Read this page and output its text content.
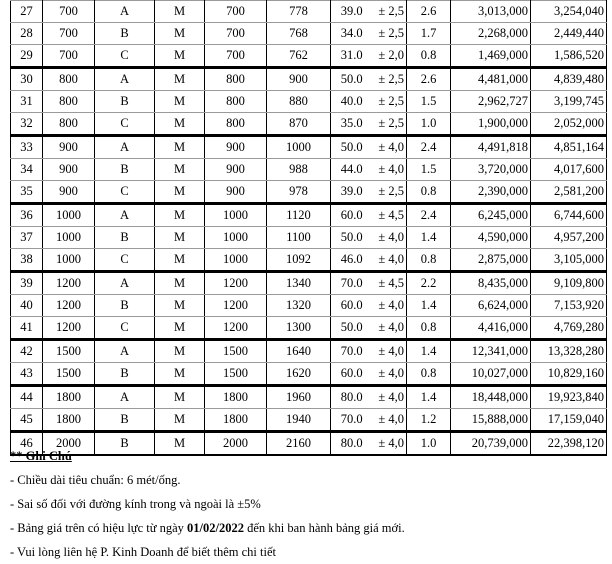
27	700	A	M	700	778	39.0 ± 2,5	2.6	3,013,000	3,254,040
28	700	B	M	700	768	34.0 ± 2,5	1.7	2,268,000	2,449,440
29	700	C	M	700	762	31.0 ± 2,0	0.8	1,469,000	1,586,520
30	800	A	M	800	900	50.0 ± 2,5	2.6	4,481,000	4,839,480
31	800	B	M	800	880	40.0 ± 2,5	1.5	2,962,727	3,199,745
32	800	C	M	800	870	35.0 ± 2,5	1.0	1,900,000	2,052,000
33	900	A	M	900	1000	50.0 ± 4,0	2.4	4,491,818	4,851,164
34	900	B	M	900	988	44.0 ± 4,0	1.5	3,720,000	4,017,600
35	900	C	M	900	978	39.0 ± 2,5	0.8	2,390,000	2,581,200
36	1000	A	M	1000	1120	60.0 ± 4,5	2.4	6,245,000	6,744,600
37	1000	B	M	1000	1100	50.0 ± 4,0	1.4	4,590,000	4,957,200
38	1000	C	M	1000	1092	46.0 ± 4,0	0.8	2,875,000	3,105,000
39	1200	A	M	1200	1340	70.0 ± 4,5	2.2	8,435,000	9,109,800
40	1200	B	M	1200	1320	60.0 ± 4,0	1.4	6,624,000	7,153,920
41	1200	C	M	1200	1300	50.0 ± 4,0	0.8	4,416,000	4,769,280
42	1500	A	M	1500	1640	70.0 ± 4,0	1.4	12,341,000	13,328,280
43	1500	B	M	1500	1620	60.0 ± 4,0	0.8	10,027,000	10,829,160
44	1800	A	M	1800	1960	80.0 ± 4,0	1.4	18,448,000	19,923,840
45	1800	B	M	1800	1940	70.0 ± 4,0	1.2	15,888,000	17,159,040
46	2000	B	M	2000	2160	80.0 ± 4,0	1.0	20,739,000	22,398,120
** Ghi Chú
- Chiều dài tiêu chuẩn: 6 mét/ống.
- Sai số đối với đường kính trong và ngoài là ±5%
- Bảng giá trên có hiệu lực từ ngày 01/02/2022 đến khi ban hành bảng giá mới.
- Vui lòng liên hệ P. Kinh Doanh để biết thêm chi tiết
